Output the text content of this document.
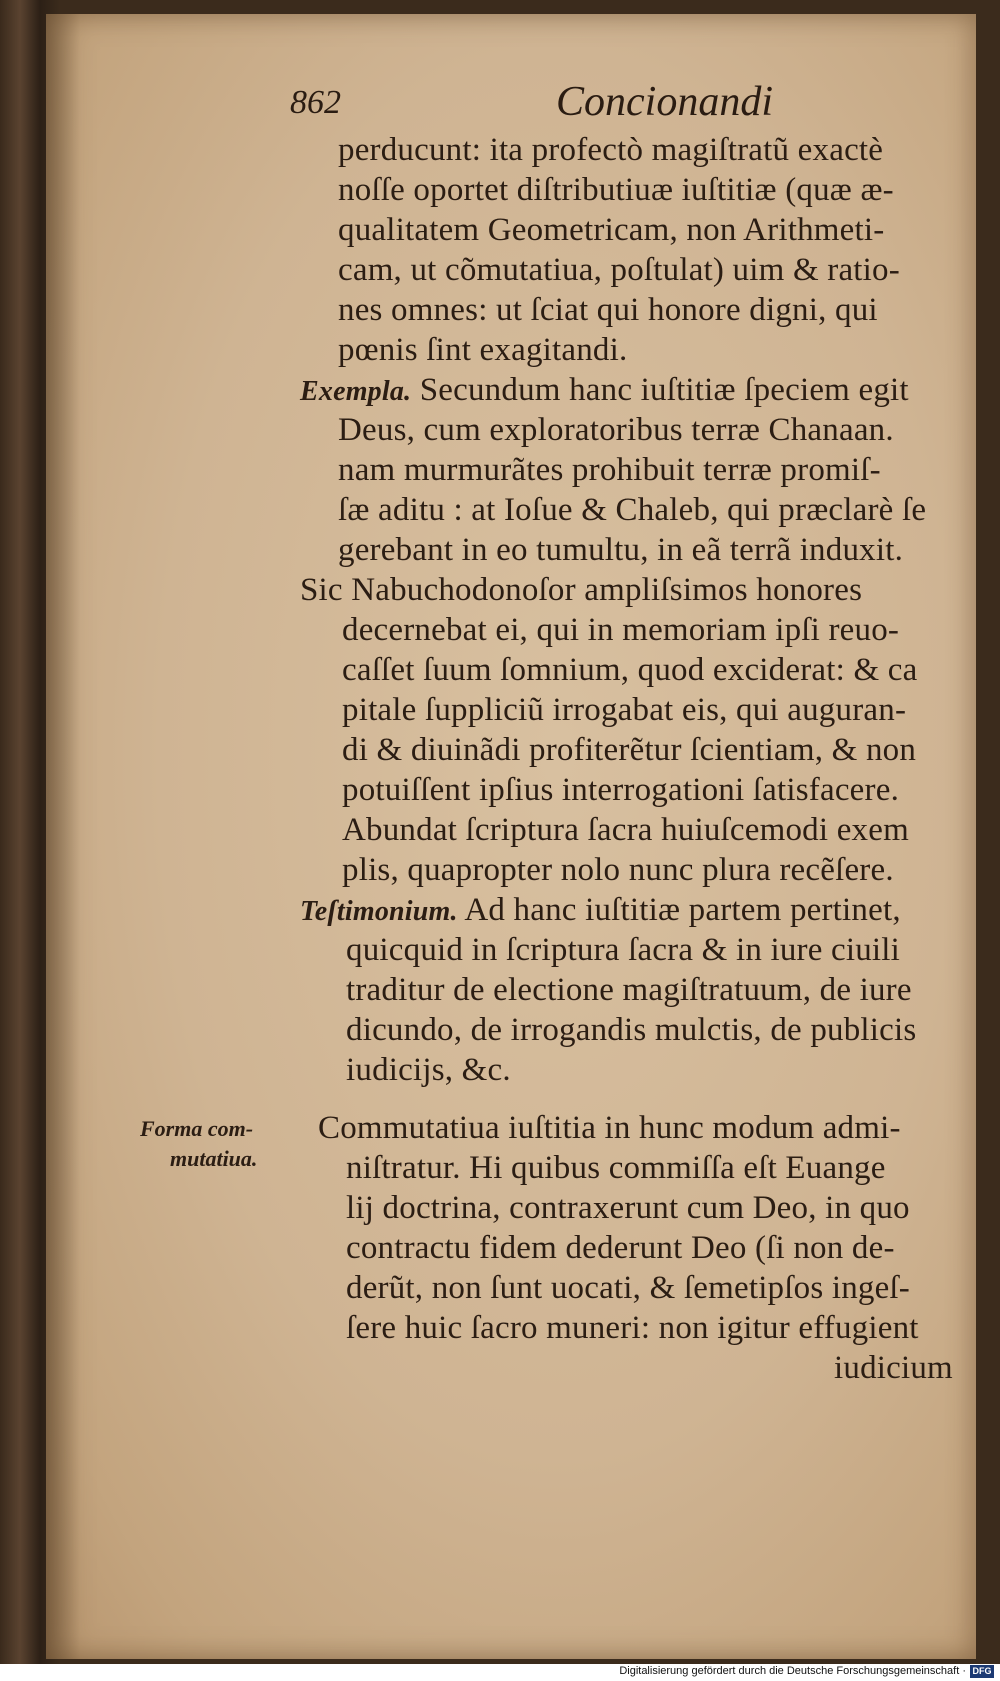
862	Concionandi
perducunt: ita profectò magiſtratũ exactè
noſſe oportet diſtributiuæ iuſtitiæ (quæ æ-
qualitatem Geometricam, non Arithmeti-
cam, ut cõmutatiua, poſtulat) uim & ratio-
nes omnes: ut ſciat qui honore digni, qui
pœnis ſint exagitandi.
Exempla. Secundum hanc iuſtitiæ ſpeciem egit
Deus, cum exploratoribus terræ Chanaan.
nam murmurãtes prohibuit terræ promiſ-
ſæ aditu : at Ioſue & Chaleb, qui præclarè ſe
gerebant in eo tumultu, in eã terrã induxit.
Sic Nabuchodonoſor ampliſsimos honores
decernebat ei, qui in memoriam ipſi reuo-
caſſet ſuum ſomnium, quod exciderat: & ca
pitale ſuppliciũ irrogabat eis, qui auguran-
di & diuinãdi profiterẽtur ſcientiam, & non
potuiſſent ipſius interrogationi ſatisfacere.
Abundat ſcriptura ſacra huiuſcemodi exem
plis, quapropter nolo nunc plura recẽſere.
Teſtimonium. Ad hanc iuſtitiæ partem pertinet,
quicquid in ſcriptura ſacra & in iure ciuili
traditur de electione magiſtratuum, de iure
dicundo, de irrogandis mulctis, de publicis
iudicijs, &c.
Forma com-
mutatiua.
Commutatiua iuſtitia in hunc modum admi-
niſtratur. Hi quibus commiſſa eſt Euange
lij doctrina, contraxerunt cum Deo, in quo
contractu fidem dederunt Deo (ſi non de-
derũt, non ſunt uocati, & ſemetipſos ingeſ-
ſere huic ſacro muneri: non igitur effugient
iudicium
Digitalisierung gefördert durch die Deutsche Forschungsgemeinschaft · DFG
